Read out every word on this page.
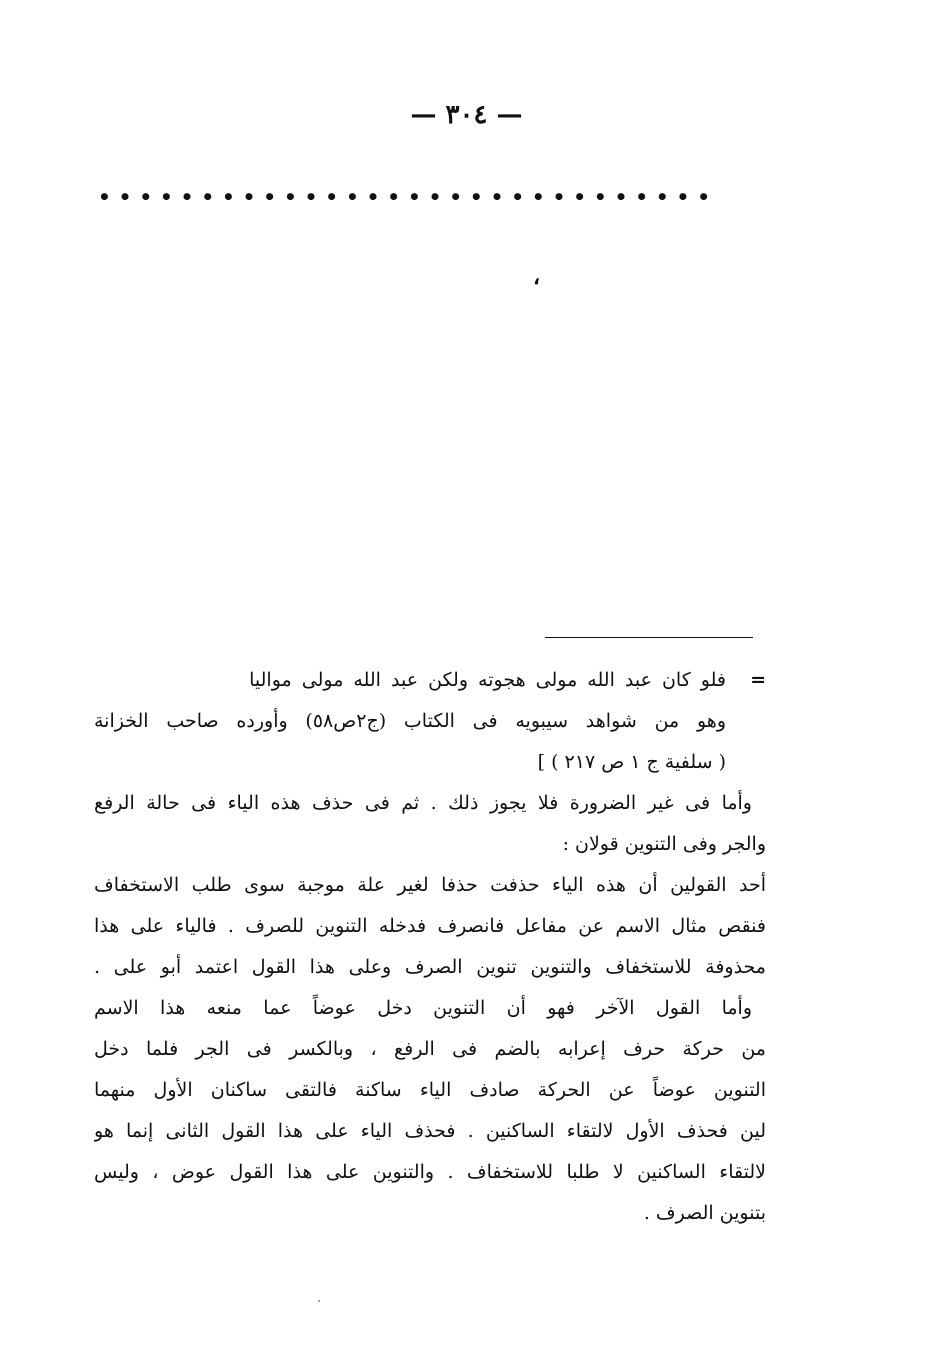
— ٣٠٤ —
• • • • • • • • • • • • • • • • • • • • • • • • • • • • • •
،
=
فلو كان عبد الله مولى هجوته ولكن عبد الله مولى مواليا
وهو من شواهد سيبويه فى الكتاب (ج٢ص٥٨) وأورده صاحب الخزانة
( سلفية ج ١ ص ٢١٧ ) ]
وأما فى غير الضرورة فلا يجوز ذلك . ثم فى حذف هذه الياء فى حالة الرفع
والجر وفى التنوين قولان :
أحد القولين أن هذه الياء حذفت حذفا لغير علة موجبة سوى طلب الاستخفاف
فنقص مثال الاسم عن مفاعل فانصرف فدخله التنوين للصرف . فالياء على هذا
محذوفة للاستخفاف والتنوين تنوين الصرف وعلى هذا القول اعتمد أبو على .
وأما القول الآخر فهو أن التنوين دخل عوضاً عما منعه هذا الاسم
من حركة حرف إعرابه بالضم فى الرفع ، وبالكسر فى الجر فلما دخل
التنوين عوضاً عن الحركة صادف الياء ساكنة فالتقى ساكنان الأول منهما
لين فحذف الأول لالتقاء الساكنين . فحذف الياء على هذا القول الثانى إنما هو
لالتقاء الساكنين لا طلبا للاستخفاف . والتنوين على هذا القول عوض ، وليس
بتنوين الصرف .
